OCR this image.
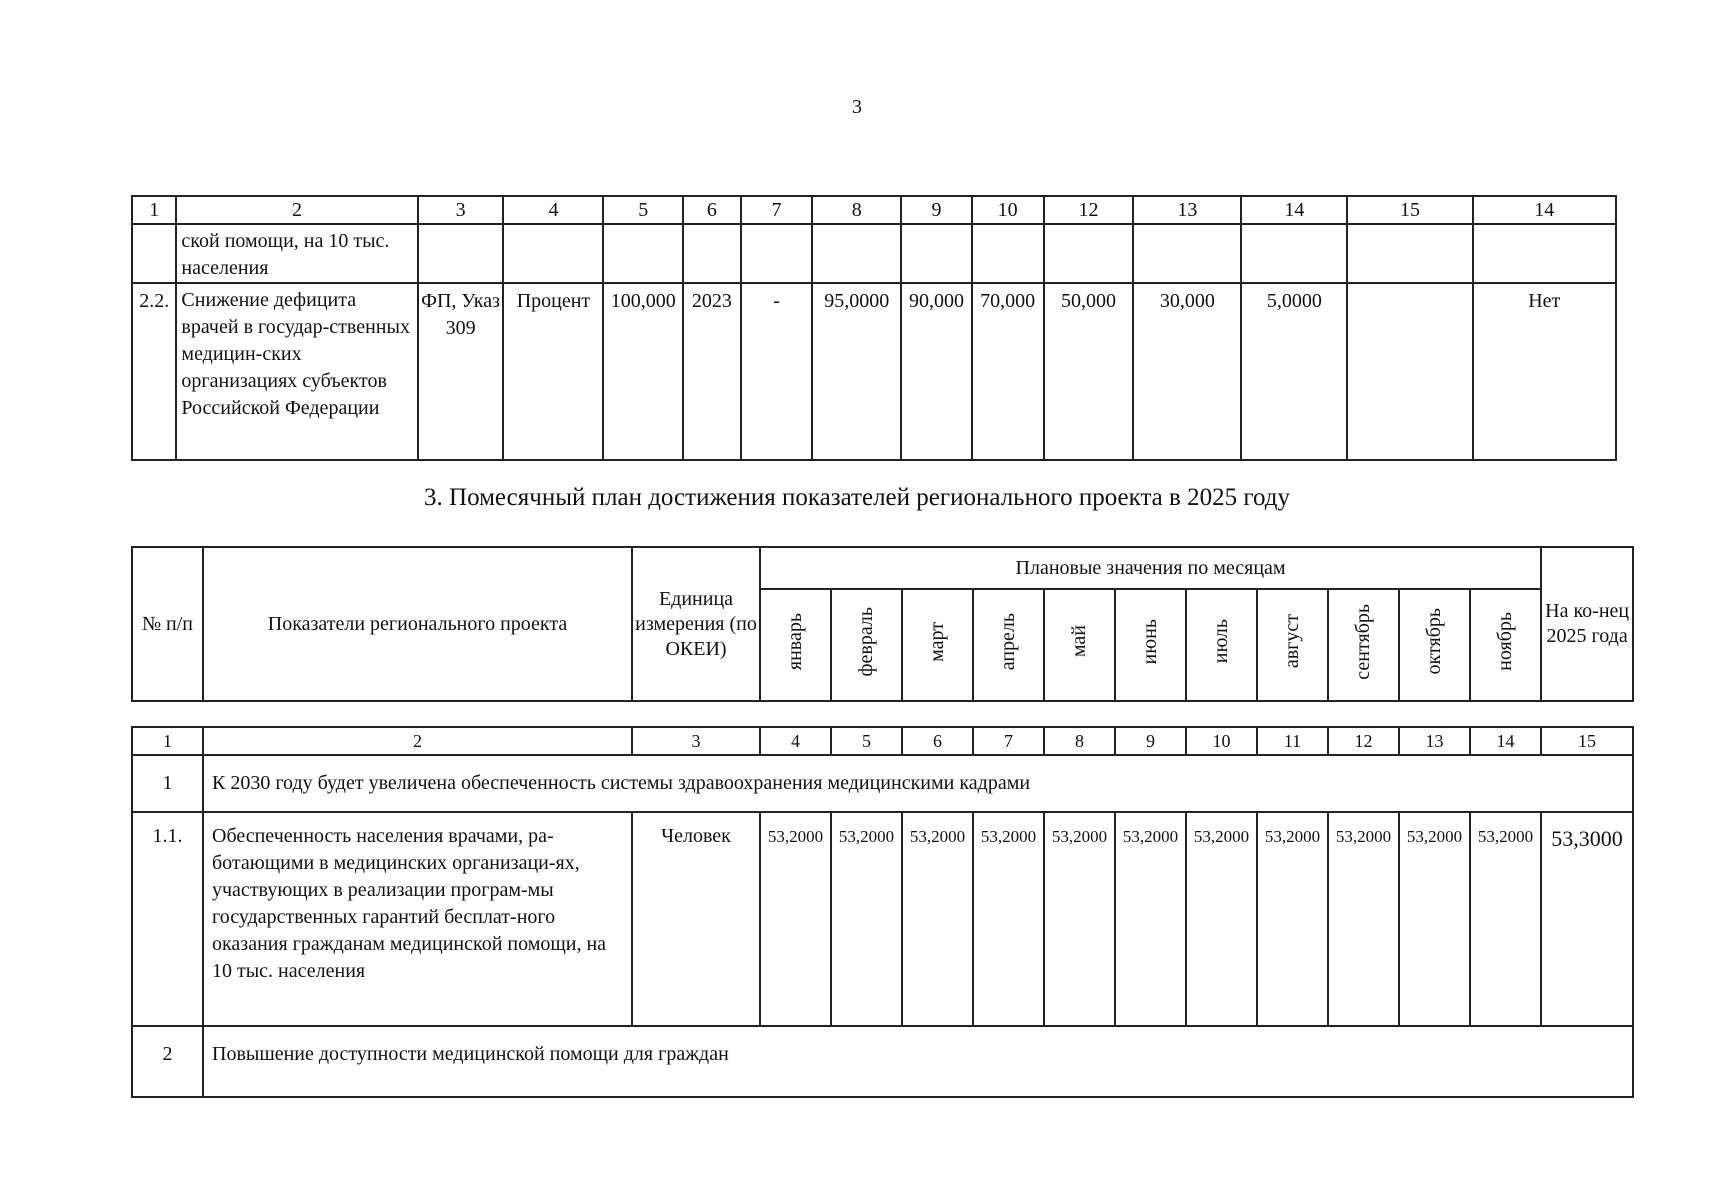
3
1	2	3	4	5	6	7	8	9	10	12	13	14	15	14
	ской помощи, на 10 тыс. населения													
2.2.	Снижение дефицита врачей в государ-ственных медицин-ских организациях субъектов Российской Федерации	ФП, Указ 309	Процент	100,000	2023	-	95,0000	90,000	70,000	50,000	30,000	5,0000		Нет
3. Помесячный план достижения показателей регионального проекта в 2025 году
№ п/п	Показатели регионального проекта	Единица измерения (по ОКЕИ)	Плановые значения по месяцам											На ко-нец 2025 года
			январь	февраль	март	апрель	май	июнь	июль	август	сентябрь	октябрь	ноябрь	
1	2	3	4	5	6	7	8	9	10	11	12	13	14	15
1	К 2030 году будет увеличена обеспеченность системы здравоохранения медицинскими кадрами													
1.1.	Обеспеченность населения врачами, ра-ботающими в медицинских организаци-ях, участвующих в реализации програм-мы государственных гарантий бесплат-ного оказания гражданам медицинской помощи, на 10 тыс. населения	Человек	53,2000	53,2000	53,2000	53,2000	53,2000	53,2000	53,2000	53,2000	53,2000	53,2000	53,2000	53,3000
2	Повышение доступности медицинской помощи для граждан													
